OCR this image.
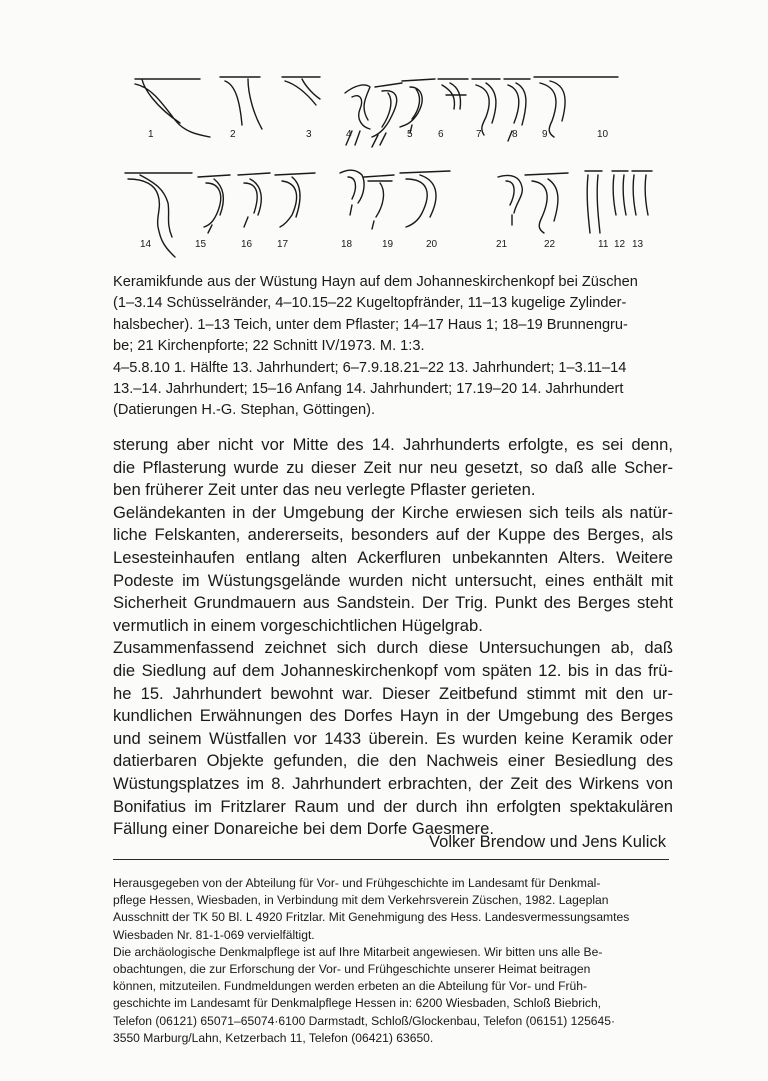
1	2	3	4	5	6	7	8 9	10
14	15	16 17	18	19	20	21	22	11 12 13

Keramikfunde aus der Wüstung Hayn auf dem Johanneskirchenkopf bei Züschen

(1–3.14 Schüsselränder, 4–10.15–22 Kugeltopfränder, 11–13 kugelige Zylinder-

halsbecher). 1–13 Teich, unter dem Pflaster; 14–17 Haus 1; 18–19 Brunnengru-

be; 21 Kirchenpforte; 22 Schnitt IV/1973. M. 1:3.

4–5.8.10 1. Hälfte 13. Jahrhundert; 6–7.9.18.21–22 13. Jahrhundert; 1–3.11–14

13.–14. Jahrhundert; 15–16 Anfang 14. Jahrhundert; 17.19–20 14. Jahrhundert

(Datierungen H.-G. Stephan, Göttingen).

sterung aber nicht vor Mitte des 14. Jahrhunderts erfolgte, es sei denn,

die Pflasterung wurde zu dieser Zeit nur neu gesetzt, so daß alle Scher-

ben früherer Zeit unter das neu verlegte Pflaster gerieten.

Geländekanten in der Umgebung der Kirche erwiesen sich teils als natür-

liche Felskanten, andererseits, besonders auf der Kuppe des Berges, als

Lesesteinhaufen entlang alten Ackerfluren unbekannten Alters. Weitere

Podeste im Wüstungsgelände wurden nicht untersucht, eines enthält mit

Sicherheit Grundmauern aus Sandstein. Der Trig. Punkt des Berges steht

vermutlich in einem vorgeschichtlichen Hügelgrab.

Zusammenfassend zeichnet sich durch diese Untersuchungen ab, daß

die Siedlung auf dem Johanneskirchenkopf vom späten 12. bis in das frü-

he 15. Jahrhundert bewohnt war. Dieser Zeitbefund stimmt mit den ur-

kundlichen Erwähnungen des Dorfes Hayn in der Umgebung des Berges

und seinem Wüstfallen vor 1433 überein. Es wurden keine Keramik oder

datierbaren Objekte gefunden, die den Nachweis einer Besiedlung des

Wüstungsplatzes im 8. Jahrhundert erbrachten, der Zeit des Wirkens von

Bonifatius im Fritzlarer Raum und der durch ihn erfolgten spektakulären

Fällung einer Donareiche bei dem Dorfe Gaesmere.

Volker Brendow und Jens Kulick

Herausgegeben von der Abteilung für Vor- und Frühgeschichte im Landesamt für Denkmal-

pflege Hessen, Wiesbaden, in Verbindung mit dem Verkehrsverein Züschen, 1982. Lageplan

Ausschnitt der TK 50 Bl. L 4920 Fritzlar. Mit Genehmigung des Hess. Landesvermessungsamtes

Wiesbaden Nr. 81-1-069 vervielfältigt.

Die archäologische Denkmalpflege ist auf Ihre Mitarbeit angewiesen. Wir bitten uns alle Be-

obachtungen, die zur Erforschung der Vor- und Frühgeschichte unserer Heimat beitragen

können, mitzuteilen. Fundmeldungen werden erbeten an die Abteilung für Vor- und Früh-

geschichte im Landesamt für Denkmalpflege Hessen in: 6200 Wiesbaden, Schloß Biebrich,

Telefon (06121) 65071–65074·6100 Darmstadt, Schloß/Glockenbau, Telefon (06151) 125645·

3550 Marburg/Lahn, Ketzerbach 11, Telefon (06421) 63650.
